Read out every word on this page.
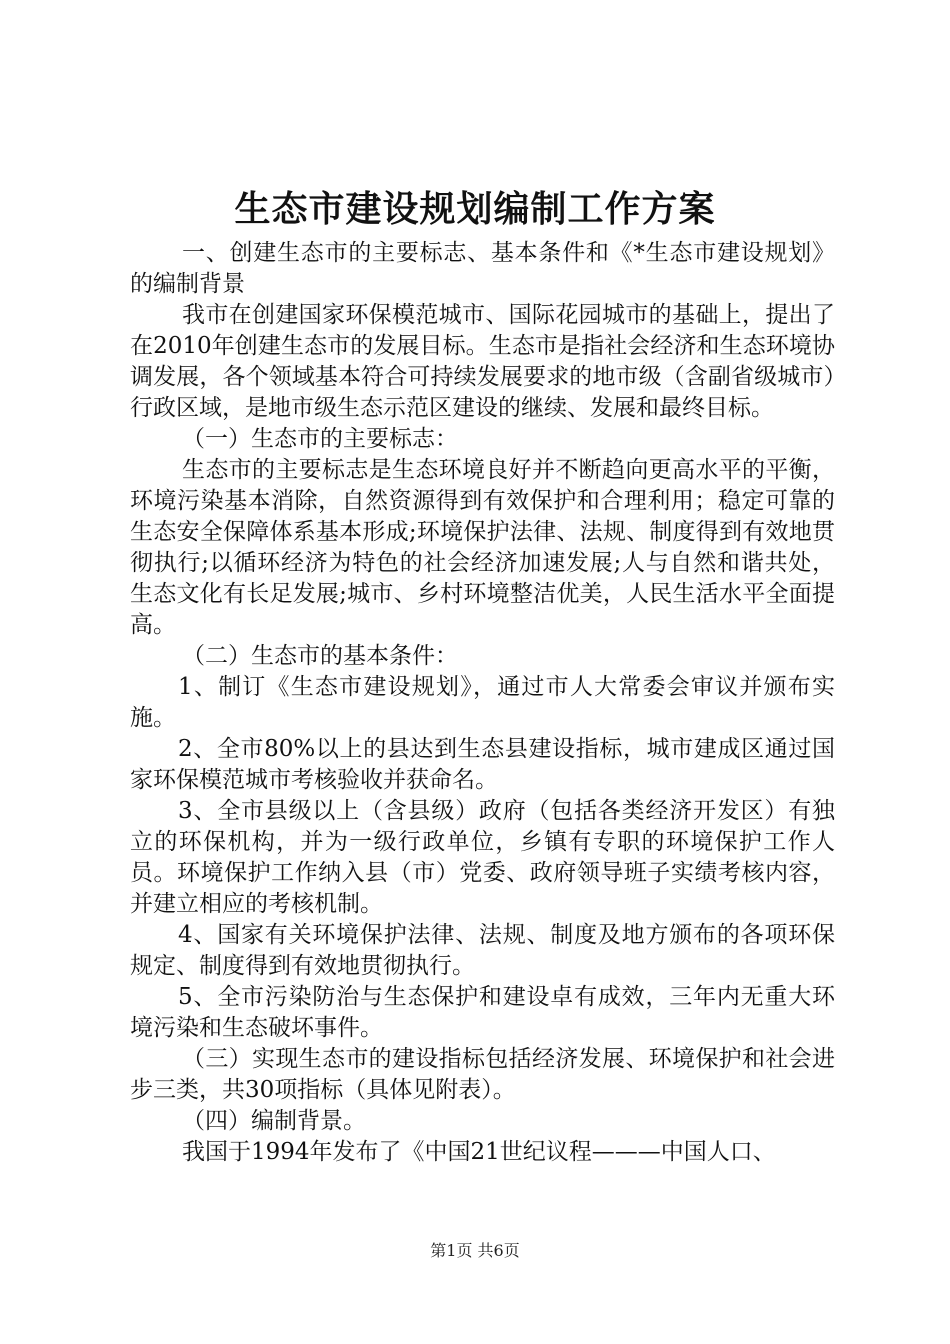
生态市建设规划编制工作方案

一、创建生态市的主要标志、基本条件和《*生态市建设规划》的编制背景

我市在创建国家环保模范城市、国际花园城市的基础上，提出了在2010年创建生态市的发展目标。生态市是指社会经济和生态环境协调发展，各个领域基本符合可持续发展要求的地市级（含副省级城市）行政区域，是地市级生态示范区建设的继续、发展和最终目标。

（一）生态市的主要标志：

生态市的主要标志是生态环境良好并不断趋向更高水平的平衡，环境污染基本消除，自然资源得到有效保护和合理利用；稳定可靠的生态安全保障体系基本形成;环境保护法律、法规、制度得到有效地贯彻执行;以循环经济为特色的社会经济加速发展;人与自然和谐共处，生态文化有长足发展;城市、乡村环境整洁优美，人民生活水平全面提高。

（二）生态市的基本条件：

1、制订《生态市建设规划》，通过市人大常委会审议并颁布实施。

2、全市80%以上的县达到生态县建设指标，城市建成区通过国家环保模范城市考核验收并获命名。

3、全市县级以上（含县级）政府（包括各类经济开发区）有独立的环保机构，并为一级行政单位，乡镇有专职的环境保护工作人员。环境保护工作纳入县（市）党委、政府领导班子实绩考核内容，并建立相应的考核机制。

4、国家有关环境保护法律、法规、制度及地方颁布的各项环保规定、制度得到有效地贯彻执行。

5、全市污染防治与生态保护和建设卓有成效，三年内无重大环境污染和生态破坏事件。

（三）实现生态市的建设指标包括经济发展、环境保护和社会进步三类，共30项指标（具体见附表）。

（四）编制背景。

我国于1994年发布了《中国21世纪议程———中国人口、

第1页 共6页
